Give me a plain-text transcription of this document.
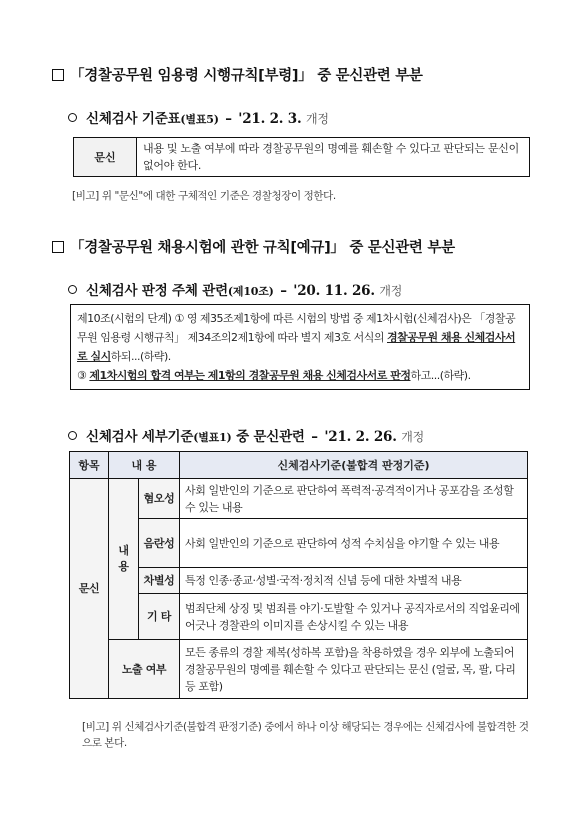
「경찰공무원 임용령 시행규칙[부령]」 중 문신관련 부분
신체검사 기준표(별표5) – '21. 2. 3. 개정
문신	내용 및 노출 여부에 따라 경찰공무원의 명예를 훼손할 수 있다고 판단되는 문신이 없어야 한다.
[비고] 위 "문신"에 대한 구체적인 기준은 경찰청장이 정한다.
「경찰공무원 채용시험에 관한 규칙[예규]」 중 문신관련 부분
신체검사 판정 주체 관련(제10조) – '20. 11. 26. 개정
제10조(시험의 단계) ① 영 제35조제1항에 따른 시험의 방법 중 제1차시험(신체검사)은 「경찰공무원 임용령 시행규칙」 제34조의2제1항에 따라 별지 제3호 서식의 경찰공무원 채용 신체검사서로 실시하되...(하략).
③ 제1차시험의 합격 여부는 제1항의 경찰공무원 채용 신체검사서로 판정하고...(하략).
신체검사 세부기준(별표1) 중 문신관련 – '21. 2. 26. 개정
항목	내 용		신체검사기준(불합격 판정기준)
문신	내용	혐오성	사회 일반인의 기준으로 판단하여 폭력적·공격적이거나 공포감을 조성할 수 있는 내용
		음란성	사회 일반인의 기준으로 판단하여 성적 수치심을 야기할 수 있는 내용
		차별성	특정 인종·종교·성별·국적·정치적 신념 등에 대한 차별적 내용
		기 타	범죄단체 상징 및 범죄를 야기·도발할 수 있거나 공직자로서의 직업윤리에 어긋나 경찰관의 이미지를 손상시킬 수 있는 내용
	노출 여부		모든 종류의 경찰 제복(성하복 포함)을 착용하였을 경우 외부에 노출되어 경찰공무원의 명예를 훼손할 수 있다고 판단되는 문신 (얼굴, 목, 팔, 다리 등 포함)
[비고] 위 신체검사기준(불합격 판정기준) 중에서 하나 이상 해당되는 경우에는 신체검사에 불합격한 것으로 본다.
